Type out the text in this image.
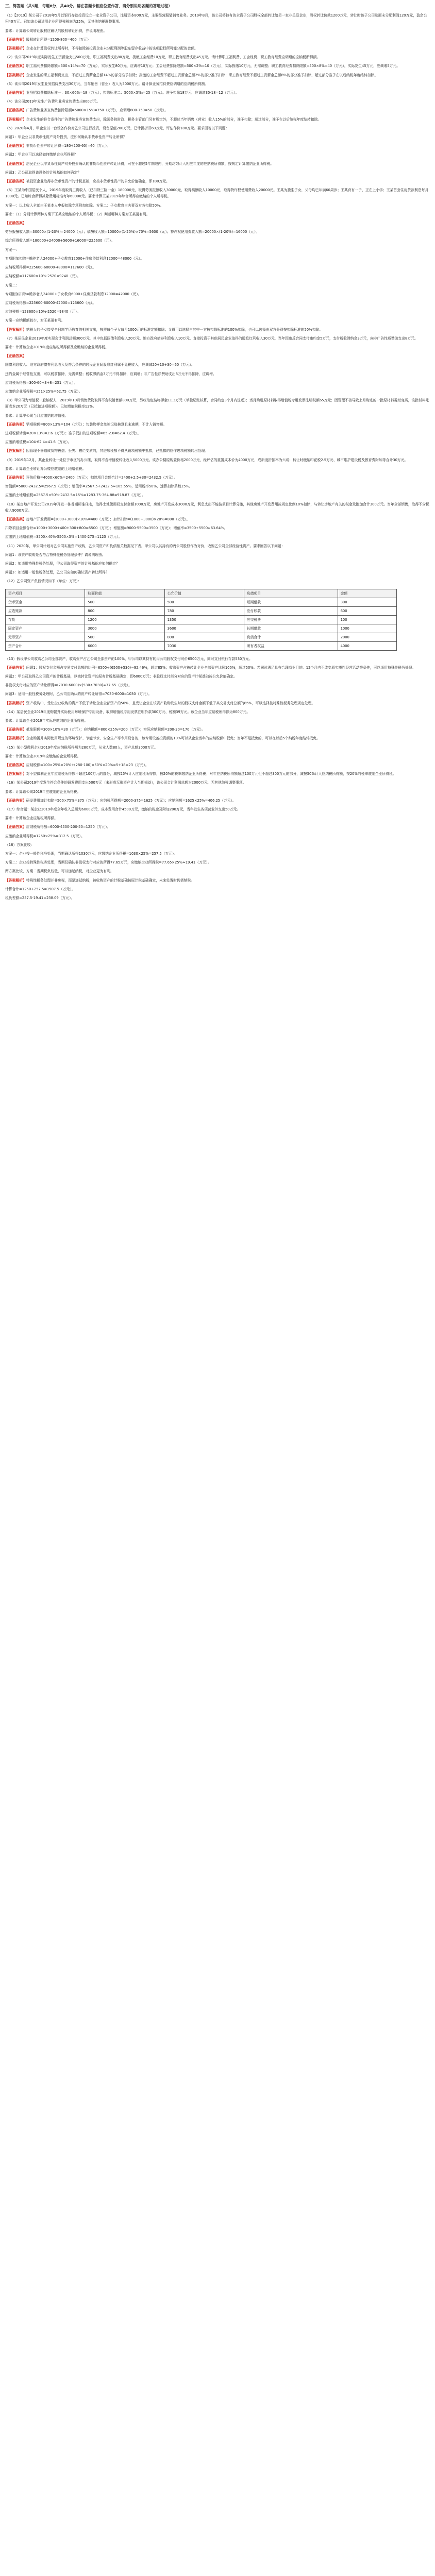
三、简答题（共5题，每题8分，共40分。请在答题卡相应位置作答，请分别说明各题的答题过程）
（1）【2019】某公司于2018年5月以银行存款投资设立一家全资子公司，注册资本800万元，主要经营服装销售业务。2019年8月，该公司将持有的全资子公司股权全部转让给另一家非关联企业，股权转让价款1200万元，转让时该子公司账面未分配利润120万元，盈余公积40万元。已知该公司适用企业所得税税率为25%，无其他纳税调整事项。
要求：计算该公司转让股权应确认的股权转让所得，并说明理由。
【正确答案】股权转让所得=1200-800=400（万元）
【答案解析】企业在计算股权转让所得时，不得扣除被投资企业未分配利润等股东留存收益中按该项股权所可能分配的金额。
（2）该公司2019年度实际发生工资薪金支出500万元，职工福利费支出80万元，拨缴工会经费10万元，职工教育经费支出45万元。请计算职工福利费、工会经费、职工教育经费应调增的应纳税所得额。
【正确答案】职工福利费扣除限额=500×14%=70（万元），实际发生80万元，应调增10万元；工会经费扣除限额=500×2%=10（万元），实际拨缴10万元，无需调整；职工教育经费扣除限额=500×8%=40（万元），实际发生45万元，应调增5万元。
【答案解析】企业发生的职工福利费支出，不超过工资薪金总额14%的部分准予扣除；拨缴的工会经费不超过工资薪金总额2%的部分准予扣除；职工教育经费不超过工资薪金总额8%的部分准予扣除，超过部分准予在以后纳税年度结转扣除。
（3）该公司2019年发生业务招待费支出30万元，当年销售（营业）收入为5000万元。请计算业务招待费应调增的应纳税所得额。
【正确答案】业务招待费扣除标准一：30×60%=18（万元）；扣除标准二：5000×5‰=25（万元）。准予扣除18万元，应调增30-18=12（万元）。
（4）该公司2019年发生广告费和业务宣传费支出800万元。
【正确答案】广告费和业务宣传费扣除限额=5000×15%=750（万元），应调增800-750=50（万元）。
【答案解析】企业发生的符合条件的广告费和业务宣传费支出，除国务院财政、税务主管部门另有规定外，不超过当年销售（营业）收入15%的部分，准予扣除；超过部分，准予在以后纳税年度结转扣除。
（5）2020年4月，甲企业以一台设备作价对乙公司进行投资，设备原值200万元，已计提折旧60万元，评估作价180万元。要求回答以下问题：
问题1：甲企业以非货币性资产对外投资，应如何确认非货币性资产转让所得？
【正确答案】非货币性资产转让所得=180-(200-60)=40（万元）。
问题2：甲企业可以选择如何缴纳企业所得税？
【正确答案】居民企业以非货币性资产对外投资确认的非货币性资产转让所得，可在不超过5年期限内，分期均匀计入相应年度的应纳税所得额，按规定计算缴纳企业所得税。
问题3：乙公司取得该设备的计税基础如何确定？
【正确答案】被投资企业取得非货币性资产的计税基础，应按非货币性资产的公允价值确定，即180万元。
（6）王某为中国居民个人，2019年度取得工资收入（已扣除三险一金）180000元，取得劳务报酬收入30000元，取得稿酬收入10000元，取得特许权使用费收入20000元。王某为独生子女，父母均已年满60周岁；王某育有一子，正在上小学；王某首套住房贷款利息每月1000元。已知综合所得减除费用标准每年60000元。要求计算王某2019年综合所得应缴纳的个人所得税。
方案一：以上收入全部由王某本人申报扣除专项附加扣除。方案二：子女教育由夫妻双方各扣除50%。
要求：（1）分别计算两种方案下王某应缴纳的个人所得税；（2）判断哪种方案对王某更有利。
【正确答案】
劳务报酬收入额=30000×(1-20%)=24000（元）；稿酬收入额=10000×(1-20%)×70%=5600（元）；特许权使用费收入额=20000×(1-20%)=16000（元）。
综合所得收入额=180000+24000+5600+16000=225600（元）。
方案一：
专项附加扣除=赡养老人24000+子女教育12000+住房贷款利息12000=48000（元）。
应纳税所得额=225600-60000-48000=117600（元）。
应纳税额=117600×10%-2520=9240（元）。
方案二：
专项附加扣除=赡养老人24000+子女教育6000+住房贷款利息12000=42000（元）。
应纳税所得额=225600-60000-42000=123600（元）。
应纳税额=123600×10%-2520=9840（元）。
方案一应纳税额较少，对王某更有利。
【答案解析】纳税人的子女接受全日制学历教育的相关支出，按照每个子女每月1000元的标准定额扣除；父母可以选择由其中一方按扣除标准的100%扣除，也可以选择由双方分别按扣除标准的50%扣除。
（7）某居民企业2019年度实现会计利润总额300万元，其中包括国债利息收入20万元、地方政府债券利息收入10万元、直接投资于其他居民企业取得的股息红利收入30万元，当年因违反合同支付违约金5万元，支付税收滞纳金3万元，向非广告性质赞助支出8万元。
要求：计算该企业2019年度应纳税所得额及应缴纳的企业所得税。
【正确答案】
国债利息收入、地方政府债券利息收入及符合条件的居民企业间股息红利属于免税收入，应调减20+10+30=60（万元）。
违约金属于经营性支出，可以税前扣除，无需调整；税收滞纳金3万元不得扣除，应调增；非广告性质赞助支出8万元不得扣除，应调增。
应纳税所得额=300-60+3+8=251（万元）。
应缴纳企业所得税=251×25%=62.75（万元）。
（8）甲公司为增值税一般纳税人，2019年10月销售货物取得不含税销售额800万元，另收取包装物押金11.3万元（单独记账核算，合同约定3个月内退还）；当月购进原材料取得增值税专用发票注明税额65万元；因管理不善导致上月购进的一批原材料霉烂变质，该批材料账面成本20万元（已抵扣进项税额）。已知增值税税率13%。
要求：计算甲公司当月应缴纳的增值税。
【正确答案】销项税额=800×13%=104（万元）；包装物押金单独记账核算且未逾期，不计入销售额。
进项税额转出=20×13%=2.6（万元）；准予抵扣的进项税额=65-2.6=62.4（万元）。
应缴纳增值税=104-62.4=41.6（万元）。
【答案解析】因管理不善造成货物被盗、丢失、霉烂变质的，其进项税额不得从销项税额中抵扣，已抵扣的应作进项税额转出处理。
（9）2019年12月，某企业转让一处位于市区的办公楼，取得不含增值税转让收入5000万元。该办公楼原购置价格2000万元，经评估的重置成本价为4000万元，成新度折扣率为六成；转让时缴纳印花税2.5万元、城市维护建设税及教育费附加等合计30万元。
要求：计算该企业转让办公楼应缴纳的土地增值税。
【正确答案】评估价格=4000×60%=2400（万元）；扣除项目金额合计=2400+2.5+30=2432.5（万元）。
增值额=5000-2432.5=2567.5（万元）；增值率=2567.5÷2432.5≈105.55%，适用税率50%，速算扣除系数15%。
应缴纳土地增值税=2567.5×50%-2432.5×15%=1283.75-364.88=918.87（万元）。
（10）某房地产开发公司2019年开发一栋普通标准住宅，取得土地使用权支付金额1000万元，房地产开发成本3000万元，利息支出不能按项目计算分摊，其他房地产开发费用按规定比例10%扣除，与转让房地产有关的税金及附加合计300万元。当年全部销售，取得不含税收入9000万元。
【正确答案】房地产开发费用=(1000+3000)×10%=400（万元）；加计扣除=(1000+3000)×20%=800（万元）。
扣除项目金额合计=1000+3000+400+300+800=5500（万元）；增值额=9000-5500=3500（万元）；增值率=3500÷5500≈63.64%。
应缴纳土地增值税=3500×40%-5500×5%=1400-275=1125（万元）。
（11）2020年，甲公司计划对乙公司实施资产收购，乙公司资产和负债相关数据见下表。甲公司以其持有的丙公司股权作为对价，收购乙公司全部经营性资产。要求回答以下问题：
问题1：该资产收购是否符合特殊性税务处理条件？请说明理由。
问题2：如适用特殊性税务处理，甲公司取得资产的计税基础应如何确定？
问题3：如适用一般性税务处理，乙公司应如何确认资产转让所得？
（12）乙公司资产负债情况如下（单位：万元）：
资产项目	账面价值	公允价值	负债项目	金额
货币资金	500	500	短期借款	300
应收账款	800	780	应付账款	600
存货	1200	1350	应交税费	100
固定资产	3000	3600	长期借款	1000
无形资产	500	800	负债合计	2000
资产合计	6000	7030	所有者权益	4000
（13）假设甲公司收购乙公司全部资产，收购资产占乙公司全部资产的100%，甲公司以其持有的丙公司股权支付对价6500万元，同时支付银行存款530万元。
【正确答案】问题1：股权支付金额占交易支付总额的比例=6500÷(6500+530)≈92.46%，超过85%；收购资产占被转让企业全部资产比例100%，超过50%。若同时满足具有合理商业目的、12个月内不改变原实质性经营活动等条件，可以适用特殊性税务处理。
问题2：甲公司取得乙公司资产的计税基础，以被转让资产的原有计税基础确定，即6000万元；非股权支付部分对应的资产计税基础按公允价值确定。
非股权支付对应的资产转让所得=(7030-6000)×(530÷7030)≈77.65（万元）。
问题3：适用一般性税务处理时，乙公司应确认的资产转让所得=7030-6000=1030（万元）。
【答案解析】资产收购中，受让企业收购的资产不低于转让企业全部资产的50%，且受让企业在该资产收购发生时的股权支付金额不低于其交易支付总额的85%，可以选择按特殊性税务处理规定处理。
（14）某居民企业2019年度购置并实际使用环境保护专用设备，取得增值税专用发票注明价款300万元、税额39万元。该企业当年应纳税所得额为800万元。
要求：计算该企业2019年实际应缴纳的企业所得税。
【正确答案】抵免限额=300×10%=30（万元）；应纳税额=800×25%=200（万元）；实际应纳税额=200-30=170（万元）。
【答案解析】企业购置并实际使用规定的环境保护、节能节水、安全生产等专用设备的，该专用设备投资额的10%可以从企业当年的应纳税额中抵免；当年不足抵免的，可以在以后5个纳税年度结转抵免。
（15）某小型微利企业2019年度应纳税所得额为280万元，从业人数80人，资产总额3000万元。
要求：计算该企业2019年应缴纳的企业所得税。
【正确答案】应纳税额=100×25%×20%+(280-100)×50%×20%=5+18=23（万元）。
【答案解析】对小型微利企业年应纳税所得额不超过100万元的部分，减按25%计入应纳税所得额，按20%的税率缴纳企业所得税；对年应纳税所得额超过100万元但不超过300万元的部分，减按50%计入应纳税所得额，按20%的税率缴纳企业所得税。
（16）某公司2019年度发生符合条件的研发费用支出500万元（未形成无形资产计入当期损益），该公司会计利润总额为2000万元，无其他纳税调整事项。
要求：计算该公司2019年应缴纳的企业所得税。
【正确答案】研发费用加计扣除=500×75%=375（万元）；应纳税所得额=2000-375=1625（万元）；应纳税额=1625×25%=406.25（万元）。
（17）综合题：某企业2019年度全年收入总额为6000万元，成本费用合计4500万元，缴纳的税金及附加200万元，当年发生各项营业外支出50万元。
要求：计算该企业应纳税所得额。
【正确答案】应纳税所得额=6000-4500-200-50=1250（万元）。
应缴纳企业所得税=1250×25%=312.5（万元）。
（18）方案比较：
方案一：企业按一般性税务处理，当期确认所得1030万元，应缴纳企业所得税=1030×25%=257.5（万元）。
方案二：企业按特殊性税务处理，当期仅确认非股权支付对应的所得77.65万元，应缴纳企业所得税=77.65×25%≈19.41（万元）。
两方案比较，方案二当期税负较低，可以递延纳税，对企业更为有利。
【答案解析】特殊性税务处理并非免税，而是递延纳税，被收购资产的计税基础按原计税基础确定，未来处置时仍需纳税。
计算合计=1250+257.5=1507.5（万元）。
税负差额=257.5-19.41=238.09（万元）。
